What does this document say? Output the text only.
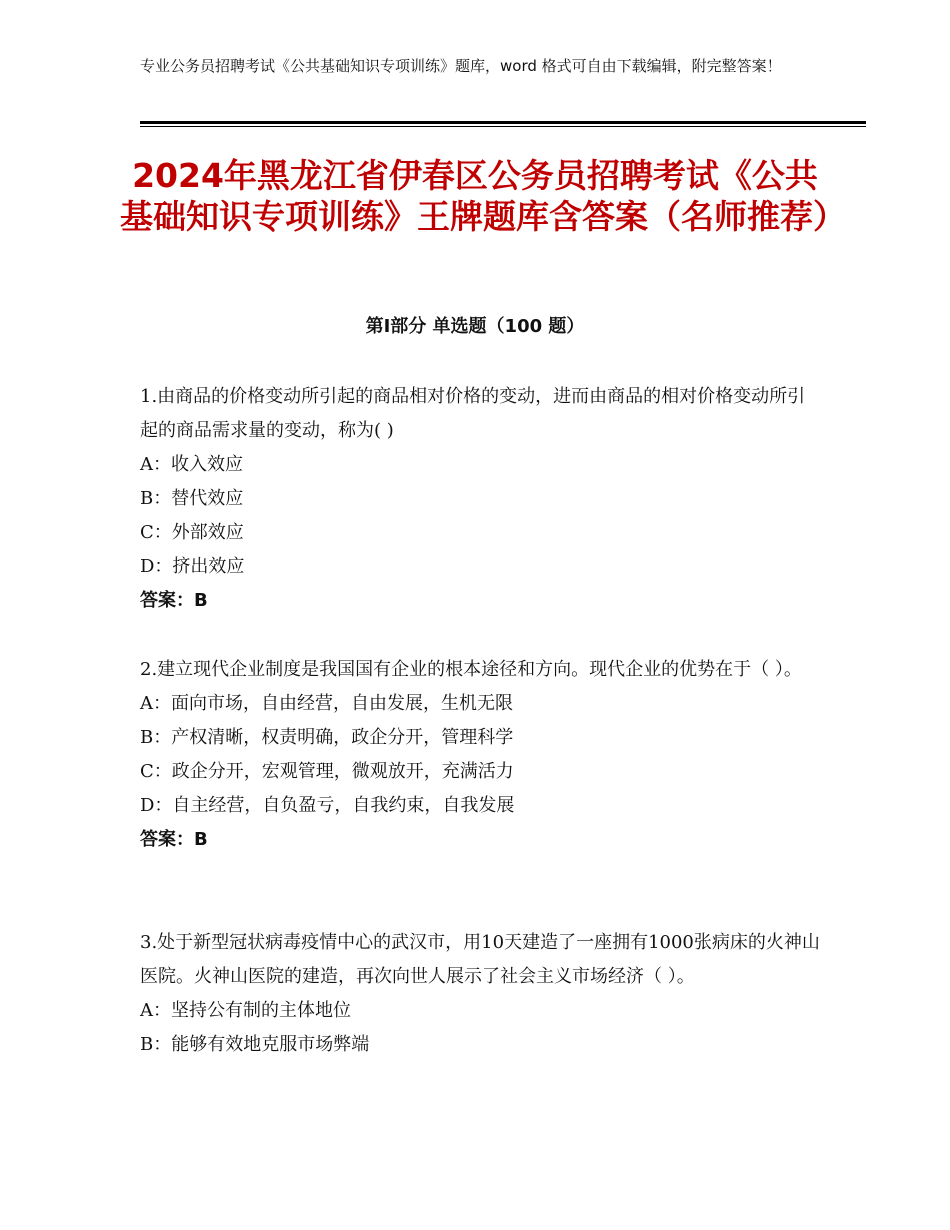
专业公务员招聘考试《公共基础知识专项训练》题库，word 格式可自由下载编辑，附完整答案！
2024年黑龙江省伊春区公务员招聘考试《公共基础知识专项训练》王牌题库含答案（名师推荐）
第Ⅰ部分 单选题（100 题）
1.由商品的价格变动所引起的商品相对价格的变动，进而由商品的相对价格变动所引起的商品需求量的变动，称为( )
A：收入效应
B：替代效应
C：外部效应
D：挤出效应
答案：B
2.建立现代企业制度是我国国有企业的根本途径和方向。现代企业的优势在于（ ）。
A：面向市场，自由经营，自由发展，生机无限
B：产权清晰，权责明确，政企分开，管理科学
C：政企分开，宏观管理，微观放开，充满活力
D：自主经营，自负盈亏，自我约束，自我发展
答案：B
3.处于新型冠状病毒疫情中心的武汉市，用10天建造了一座拥有1000张病床的火神山医院。火神山医院的建造，再次向世人展示了社会主义市场经济（ ）。
A：坚持公有制的主体地位
B：能够有效地克服市场弊端
